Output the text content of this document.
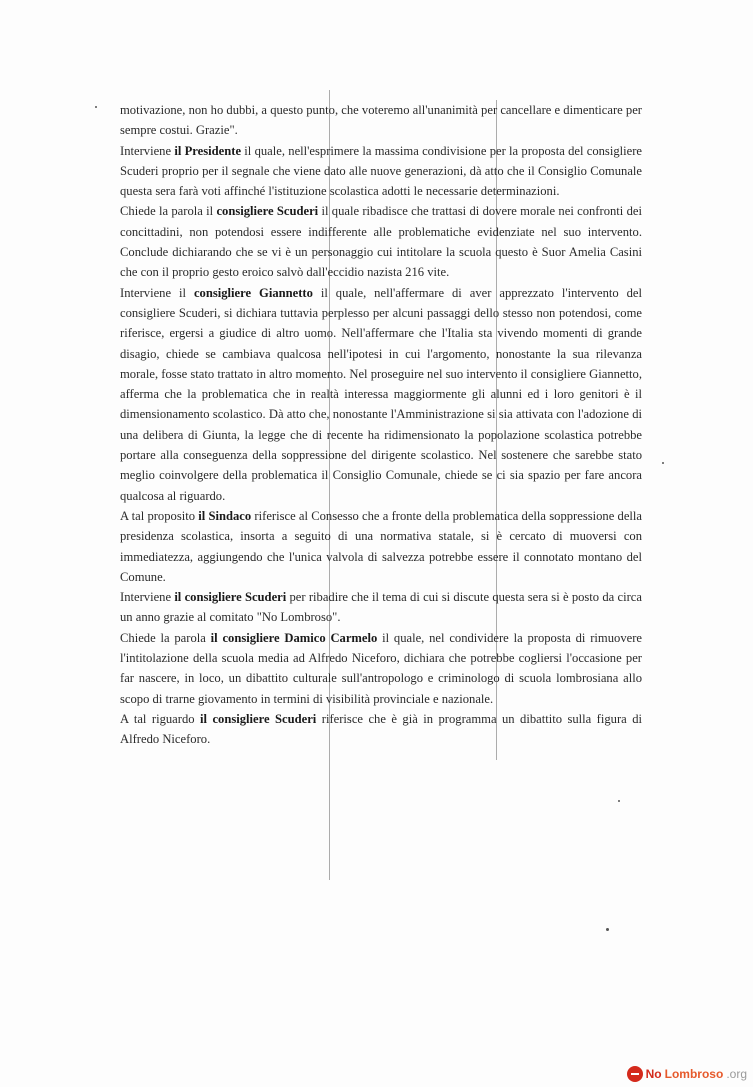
motivazione, non ho dubbi, a questo punto, che voteremo all'unanimità per cancellare e dimenticare per sempre costui. Grazie".

Interviene il Presidente il quale, nell'esprimere la massima condivisione per la proposta del consigliere Scuderi proprio per il segnale che viene dato alle nuove generazioni, dà atto che il Consiglio Comunale questa sera farà voti affinché l'istituzione scolastica adotti le necessarie determinazioni.

Chiede la parola il consigliere Scuderi il quale ribadisce che trattasi di dovere morale nei confronti dei concittadini, non potendosi essere indifferente alle problematiche evidenziate nel suo intervento. Conclude dichiarando che se vi è un personaggio cui intitolare la scuola questo è Suor Amelia Casini che con il proprio gesto eroico salvò dall'eccidio nazista 216 vite.

Interviene il consigliere Giannetto il quale, nell'affermare di aver apprezzato l'intervento del consigliere Scuderi, si dichiara tuttavia perplesso per alcuni passaggi dello stesso non potendosi, come riferisce, ergersi a giudice di altro uomo. Nell'affermare che l'Italia sta vivendo momenti di grande disagio, chiede se cambiava qualcosa nell'ipotesi in cui l'argomento, nonostante la sua rilevanza morale, fosse stato trattato in altro momento. Nel proseguire nel suo intervento il consigliere Giannetto, afferma che la problematica che in realtà interessa maggiormente gli alunni ed i loro genitori è il dimensionamento scolastico. Dà atto che, nonostante l'Amministrazione si sia attivata con l'adozione di una delibera di Giunta, la legge che di recente ha ridimensionato la popolazione scolastica potrebbe portare alla conseguenza della soppressione del dirigente scolastico. Nel sostenere che sarebbe stato meglio coinvolgere della problematica il Consiglio Comunale, chiede se ci sia spazio per fare ancora qualcosa al riguardo.

A tal proposito il Sindaco riferisce al Consesso che a fronte della problematica della soppressione della presidenza scolastica, insorta a seguito di una normativa statale, si è cercato di muoversi con immediatezza, aggiungendo che l'unica valvola di salvezza potrebbe essere il connotato montano del Comune.

Interviene il consigliere Scuderi per ribadire che il tema di cui si discute questa sera si è posto da circa un anno grazie al comitato "No Lombroso".

Chiede la parola il consigliere Damico Carmelo il quale, nel condividere la proposta di rimuovere l'intitolazione della scuola media ad Alfredo Niceforo, dichiara che potrebbe cogliersi l'occasione per far nascere, in loco, un dibattito culturale sull'antropologo e criminologo di scuola lombrosiana allo scopo di trarne giovamento in termini di visibilità provinciale e nazionale.

A tal riguardo il consigliere Scuderi riferisce che è già in programma un dibattito sulla figura di Alfredo Niceforo.

No Lombroso .org
